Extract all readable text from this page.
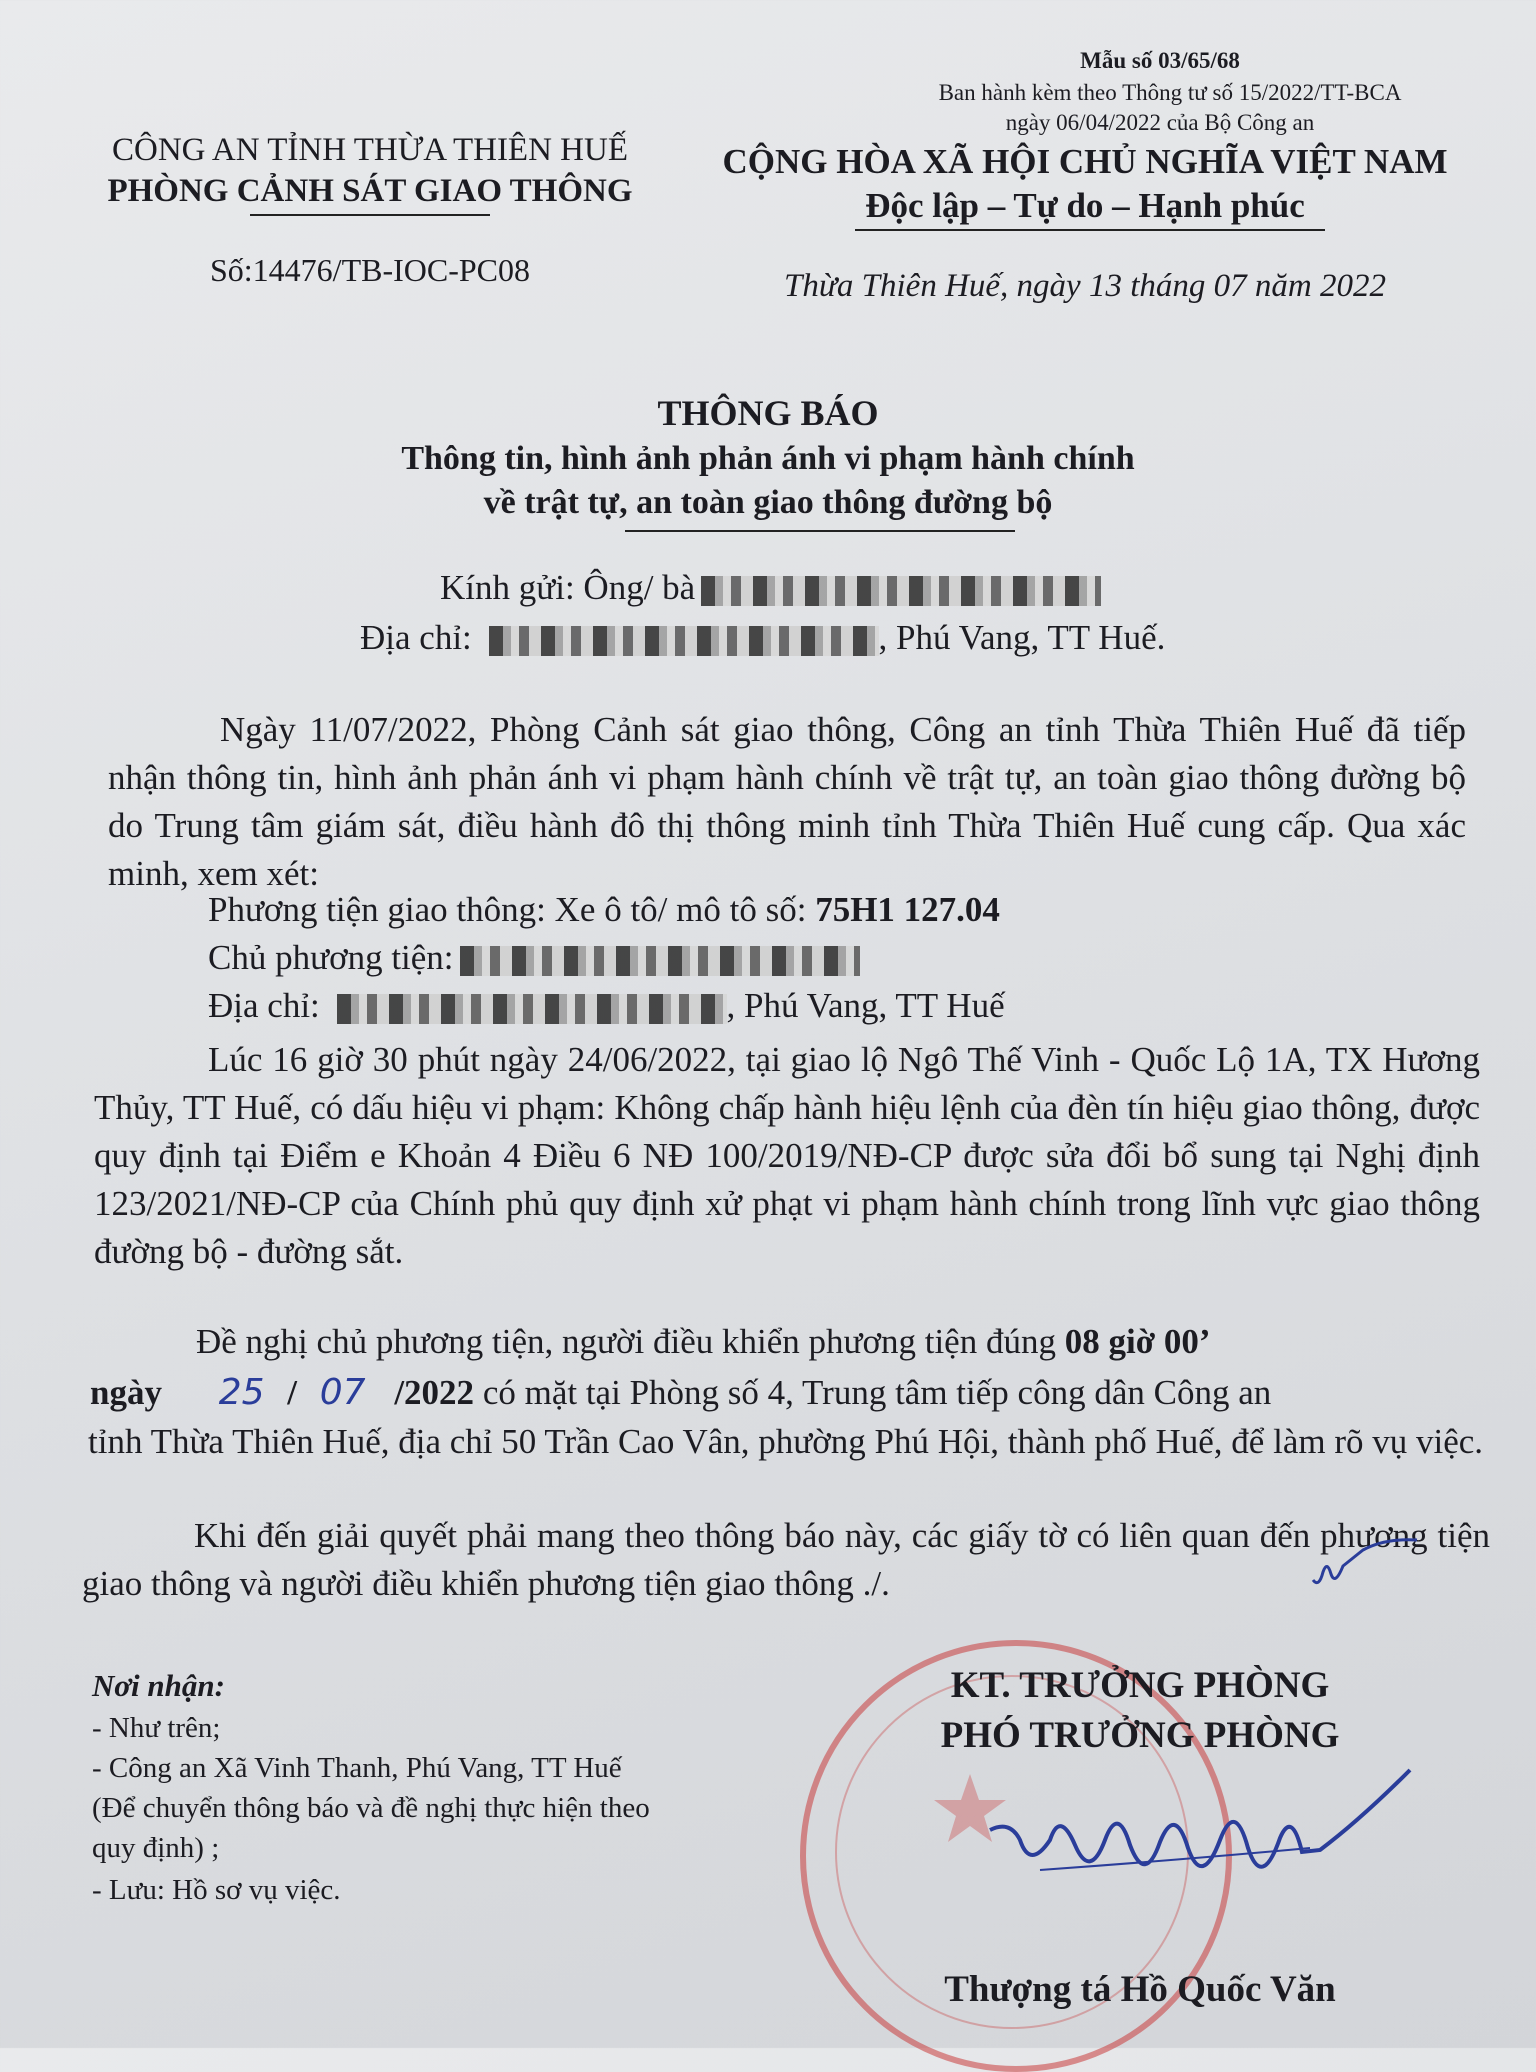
Mẫu số 03/65/68
Ban hành kèm theo Thông tư số 15/2022/TT-BCA
ngày 06/04/2022 của Bộ Công an
CÔNG AN TỈNH THỪA THIÊN HUẾ
PHÒNG CẢNH SÁT GIAO THÔNG
Số:14476/TB-IOC-PC08
CỘNG HÒA XÃ HỘI CHỦ NGHĨA VIỆT NAM
Độc lập – Tự do – Hạnh phúc
Thừa Thiên Huế, ngày 13 tháng 07 năm 2022
THÔNG BÁO
Thông tin, hình ảnh phản ánh vi phạm hành chính
về trật tự, an toàn giao thông đường bộ
Kính gửi: Ông/ bà
Địa chỉ:	, Phú Vang, TT Huế.
Ngày 11/07/2022, Phòng Cảnh sát giao thông, Công an tỉnh Thừa Thiên Huế đã tiếp nhận thông tin, hình ảnh phản ánh vi phạm hành chính về trật tự, an toàn giao thông đường bộ do Trung tâm giám sát, điều hành đô thị thông minh tỉnh Thừa Thiên Huế cung cấp. Qua xác minh, xem xét:
Phương tiện giao thông: Xe ô tô/ mô tô số: 75H1 127.04
Chủ phương tiện:
Địa chỉ:	, Phú Vang, TT Huế
Lúc 16 giờ 30 phút ngày 24/06/2022, tại giao lộ Ngô Thế Vinh - Quốc Lộ 1A, TX Hương Thủy, TT Huế, có dấu hiệu vi phạm: Không chấp hành hiệu lệnh của đèn tín hiệu giao thông, được quy định tại Điểm e Khoản 4 Điều 6 NĐ 100/2019/NĐ-CP được sửa đổi bổ sung tại Nghị định 123/2021/NĐ-CP của Chính phủ quy định xử phạt vi phạm hành chính trong lĩnh vực giao thông đường bộ - đường sắt.
Đề nghị chủ phương tiện, người điều khiển phương tiện đúng 08 giờ 00’
ngày 25 / 07 /2022 có mặt tại Phòng số 4, Trung tâm tiếp công dân Công an
tỉnh Thừa Thiên Huế, địa chỉ 50 Trần Cao Vân, phường Phú Hội, thành phố Huế, để làm rõ vụ việc.
Khi đến giải quyết phải mang theo thông báo này, các giấy tờ có liên quan đến phương tiện giao thông và người điều khiển phương tiện giao thông ./.
Nơi nhận:
- Như trên;
- Công an Xã Vinh Thanh, Phú Vang, TT Huế
(Để chuyển thông báo và đề nghị thực hiện theo
quy định) ;
- Lưu: Hồ sơ vụ việc.
KT. TRƯỞNG PHÒNG
PHÓ TRƯỞNG PHÒNG
Thượng tá Hồ Quốc Văn
